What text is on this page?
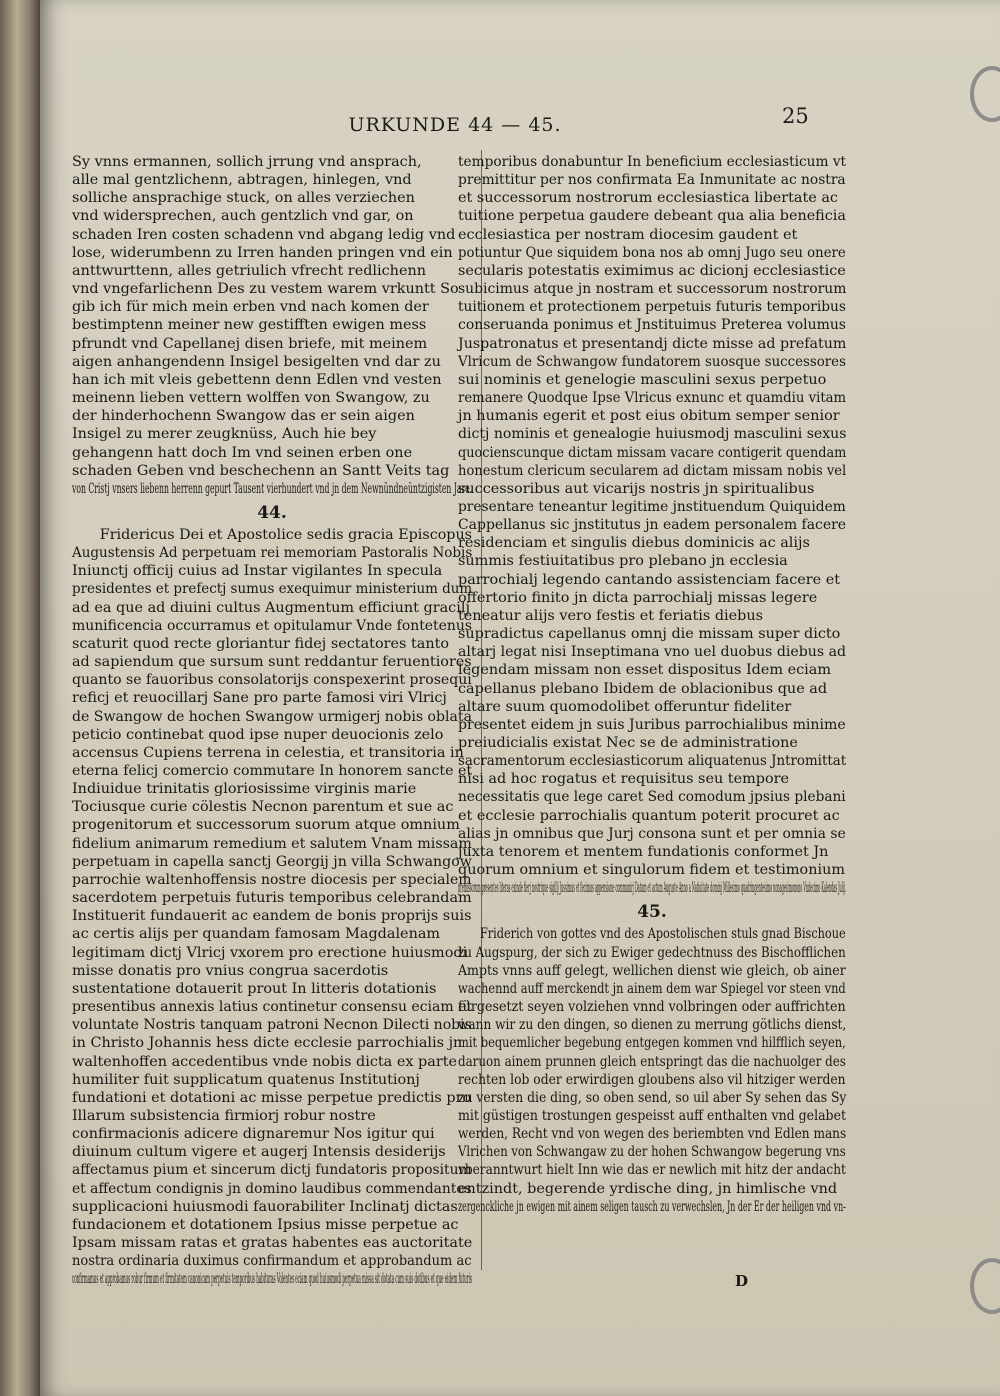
URKUNDE 44 — 45.	25

Sy vnns ermannen, sollich jrrung vnd ansprach,
alle mal gentzlichenn, abtragen, hinlegen, vnd
solliche ansprachige stuck, on alles verziechen
vnd widersprechen, auch gentzlich vnd gar, on
schaden Iren costen schadenn vnd abgang ledig vnd
lose, widerumbenn zu Irren handen pringen vnd ein
anttwurttenn, alles getriulich vfrecht redlichenn
vnd vngefarlichenn Des zu vestem warem vrkuntt So
gib ich für mich mein erben vnd nach komen der
bestimptenn meiner new gestifften ewigen mess
pfrundt vnd Capellanej disen briefe, mit meinem
aigen anhangendenn Insigel besigelten vnd dar zu
han ich mit vleis gebettenn denn Edlen vnd vesten
meinenn lieben vettern wolffen von Swangow, zu
der hinderhochenn Swangow das er sein aigen
Insigel zu merer zeugknüss, Auch hie bey
gehangenn hatt doch Im vnd seinen erben one
schaden Geben vnd beschechenn an Santt Veits tag
von Cristj vnsers liebenn herrenn gepurt Tausent vierhundert vnd jn dem Newnündneüntzigisten Jare.

44.

Fridericus Dei et Apostolice sedis gracia Episcopus
Augustensis Ad perpetuam rei memoriam Pastoralis Nobis
Iniunctj officij cuius ad Instar vigilantes In specula
presidentes et prefectj sumus exequimur ministerium dum
ad ea que ad diuini cultus Augmentum efficiunt gracilj
munificencia occurramus et opitulamur Vnde fontetenus
scaturit quod recte gloriantur fidej sectatores tanto
ad sapiendum que sursum sunt reddantur feruentiores
quanto se fauoribus consolatorijs conspexerint prosequi
reficj et reuocillarj Sane pro parte famosi viri Vlricj
de Swangow de hochen Swangow urmigerj nobis oblata
peticio continebat quod ipse nuper deuocionis zelo
accensus Cupiens terrena in celestia, et transitoria in
eterna felicj comercio commutare In honorem sancte et
Indiuidue trinitatis gloriosissime virginis marie
Tociusque curie cölestis Necnon parentum et sue ac
progenitorum et successorum suorum atque omnium
fidelium animarum remedium et salutem Vnam missam
perpetuam in capella sanctj Georgij jn villa Schwangow
parrochie waltenhoffensis nostre diocesis per specialem
sacerdotem perpetuis futuris temporibus celebrandam
Instituerit fundauerit ac eandem de bonis proprijs suis
ac certis alijs per quandam famosam Magdalenam
legitimam dictj Vlricj vxorem pro erectione huiusmodi
misse donatis pro vnius congrua sacerdotis
sustentatione dotauerit prout In litteris dotationis
presentibus annexis latius continetur consensu eciam et
voluntate Nostris tanquam patroni Necnon Dilecti nobis
in Christo Johannis hess dicte ecclesie parrochialis jn
waltenhoffen accedentibus vnde nobis dicta ex parte
humiliter fuit supplicatum quatenus Institutionj
fundationi et dotationi ac misse perpetue predictis pro
Illarum subsistencia firmiorj robur nostre
confirmacionis adicere dignaremur Nos igitur qui
diuinum cultum vigere et augerj Intensis desiderijs
affectamus pium et sincerum dictj fundatoris propositum
et affectum condignis jn domino laudibus commendantes
supplicacioni huiusmodi fauorabiliter Inclinatj dictas
fundacionem et dotationem Ipsius misse perpetue ac
Ipsam missam ratas et gratas habentes eas auctoritate
nostra ordinaria duximus confirmandum et approbandum ac
confirmamus et approbamus robur firmum et firmitatem canonicam perpetuis temporibus habituras Volentes eciam quod huiusmodi perpetua missa sit dotata cum suis dotibus et que eidem futuris

temporibus donabuntur In beneficium ecclesiasticum vt
premittitur per nos confirmata Ea Inmunitate ac nostra
et successorum nostrorum ecclesiastica libertate ac
tuitione perpetua gaudere debeant qua alia beneficia
ecclesiastica per nostram diocesim gaudent et
potiuntur Que siquidem bona nos ab omnj Jugo seu onere
secularis potestatis eximimus ac dicionj ecclesiastice
subicimus atque jn nostram et successorum nostrorum
tuitionem et protectionem perpetuis futuris temporibus
conseruanda ponimus et Jnstituimus Preterea volumus
Juspatronatus et presentandj dicte misse ad prefatum
Vlricum de Schwangow fundatorem suosque successores
sui nominis et genelogie masculini sexus perpetuo
remanere Quodque Ipse Vlricus exnunc et quamdiu vitam
jn humanis egerit et post eius obitum semper senior
dictj nominis et genealogie huiusmodj masculini sexus
quocienscunque dictam missam vacare contigerit quendam
honestum clericum secularem ad dictam missam nobis vel
successoribus aut vicarijs nostris jn spiritualibus
presentare teneantur legitime jnstituendum Quiquidem
Cappellanus sic jnstitutus jn eadem personalem facere
residenciam et singulis diebus dominicis ac alijs
summis festiuitatibus pro plebano jn ecclesia
parrochialj legendo cantando assistenciam facere et
offertorio finito jn dicta parrochialj missas legere
teneatur alijs vero festis et feriatis diebus
supradictus capellanus omnj die missam super dicto
altarj legat nisi Inseptimana vno uel duobus diebus ad
legendam missam non esset dispositus Idem eciam
capellanus plebano Ibidem de oblacionibus que ad
altare suum quomodolibet offeruntur fideliter
presentet eidem jn suis Juribus parrochialibus minime
preiudicialis existat Nec se de administratione
sacramentorum ecclesiasticorum aliquatenus Jntromittat
nisi ad hoc rogatus et requisitus seu tempore
necessitatis que lege caret Sed comodum jpsius plebani
et ecclesie parrochialis quantum poterit procuret ac
alias jn omnibus que Jurj consona sunt et per omnia se
juxta tenorem et mentem fundationis conformet Jn
quorum omnium et singulorum fidem et testimonium
premissorum presentes literas exinde fierj nostrique sigillj Jussimus et fecimus appensione communirj Datum et actum Auguste Anno a Natiuitate dominj Millesimo quadringentesimo nonagesimonono Vndecimo Kalendas Julij.

45.

Friderich von gottes vnd des Apostolischen stuls gnad Bischoue
zu Augspurg, der sich zu Ewiger gedechtnuss des Bischofflichen
Ampts vnns auff gelegt, wellichen dienst wie gleich, ob ainer
wachennd auff merckendt jn ainem dem war Spiegel vor steen vnd
fürgesetzt seyen volziehen vnnd volbringen oder auffrichten
wann wir zu den dingen, so dienen zu merrung götlichs dienst,
mit bequemlicher begebung entgegen kommen vnd hilfflich seyen,
daruon ainem prunnen gleich entspringt das die nachuolger des
rechten lob oder erwirdigen gloubens also vil hitziger werden
zu versten die ding, so oben send, so uil aber Sy sehen das Sy
mit güstigen trostungen gespeisst auff enthalten vnd gelabet
werden, Recht vnd von wegen des beriembten vnd Edlen mans
Vlrichen von Schwangaw zu der hohen Schwangow begerung vns
vberanntwurt hielt Inn wie das er newlich mit hitz der andacht
entzindt, begerende yrdische ding, jn himlische vnd
zergenckliche jn ewigen mit ainem seligen tausch zu verwechslen, Jn der Er der heiligen vnd vn-

D
